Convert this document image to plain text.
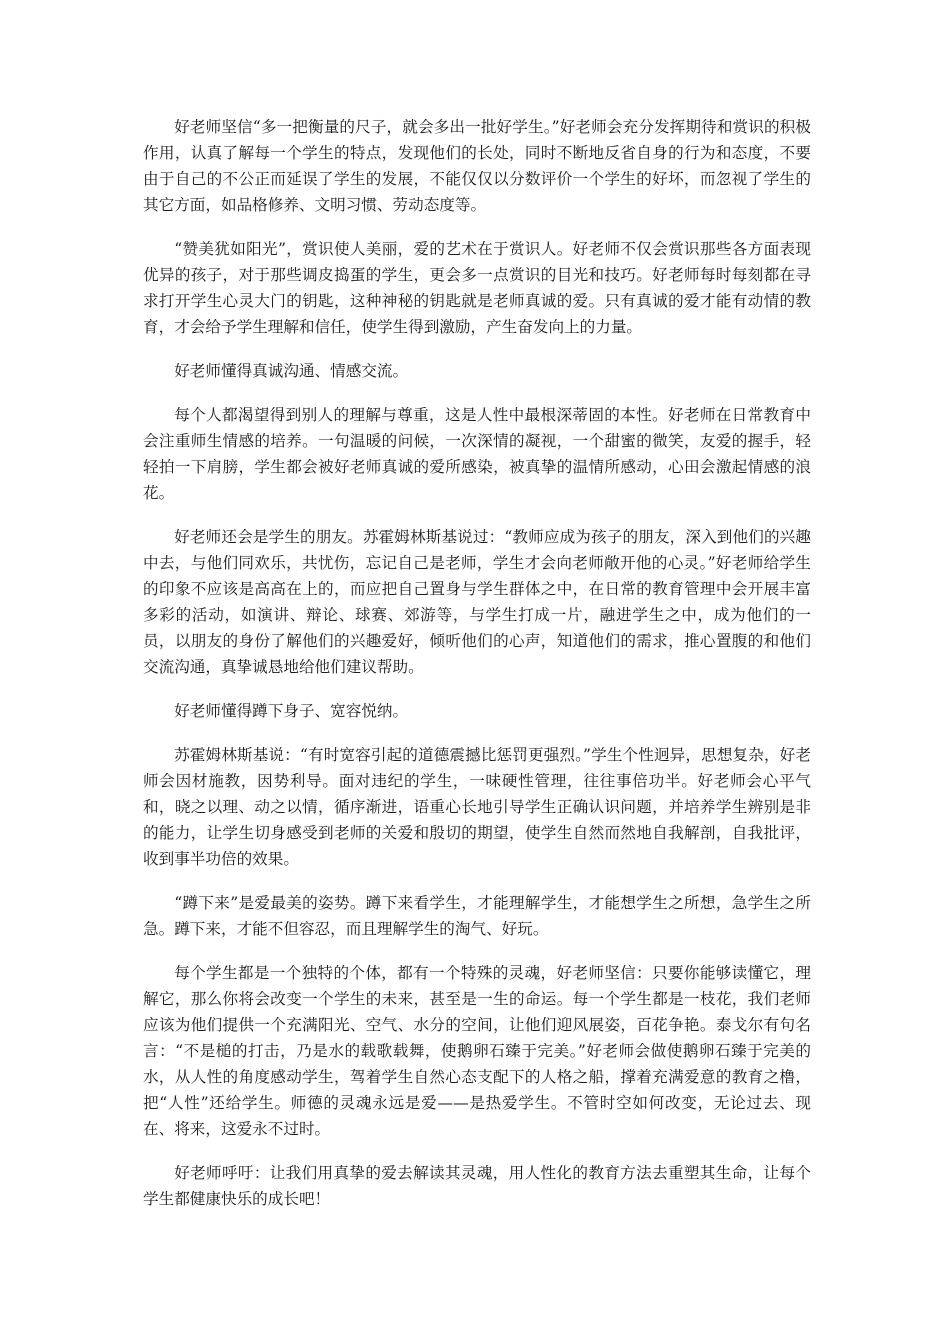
好老师坚信“多一把衡量的尺子，就会多出一批好学生。”好老师会充分发挥期待和赏识的积极作用，认真了解每一个学生的特点，发现他们的长处，同时不断地反省自身的行为和态度，不要由于自己的不公正而延误了学生的发展，不能仅仅以分数评价一个学生的好坏，而忽视了学生的其它方面，如品格修养、文明习惯、劳动态度等。

“赞美犹如阳光”，赏识使人美丽，爱的艺术在于赏识人。好老师不仅会赏识那些各方面表现优异的孩子，对于那些调皮捣蛋的学生，更会多一点赏识的目光和技巧。好老师每时每刻都在寻求打开学生心灵大门的钥匙，这种神秘的钥匙就是老师真诚的爱。只有真诚的爱才能有动情的教育，才会给予学生理解和信任，使学生得到激励，产生奋发向上的力量。

好老师懂得真诚沟通、情感交流。

每个人都渴望得到别人的理解与尊重，这是人性中最根深蒂固的本性。好老师在日常教育中会注重师生情感的培养。一句温暖的问候，一次深情的凝视，一个甜蜜的微笑，友爱的握手，轻轻拍一下肩膀，学生都会被好老师真诚的爱所感染，被真挚的温情所感动，心田会激起情感的浪花。

好老师还会是学生的朋友。苏霍姆林斯基说过：“教师应成为孩子的朋友，深入到他们的兴趣中去，与他们同欢乐，共忧伤，忘记自己是老师，学生才会向老师敞开他的心灵。”好老师给学生的印象不应该是高高在上的，而应把自己置身与学生群体之中，在日常的教育管理中会开展丰富多彩的活动，如演讲、辩论、球赛、郊游等，与学生打成一片，融进学生之中，成为他们的一员，以朋友的身份了解他们的兴趣爱好，倾听他们的心声，知道他们的需求，推心置腹的和他们交流沟通，真挚诚恳地给他们建议帮助。

好老师懂得蹲下身子、宽容悦纳。

苏霍姆林斯基说：“有时宽容引起的道德震撼比惩罚更强烈。”学生个性迥异，思想复杂，好老师会因材施教，因势利导。面对违纪的学生，一味硬性管理，往往事倍功半。好老师会心平气和，晓之以理、动之以情，循序渐进，语重心长地引导学生正确认识问题，并培养学生辨别是非的能力，让学生切身感受到老师的关爱和殷切的期望，使学生自然而然地自我解剖，自我批评，收到事半功倍的效果。

“蹲下来”是爱最美的姿势。蹲下来看学生，才能理解学生，才能想学生之所想，急学生之所急。蹲下来，才能不但容忍，而且理解学生的淘气、好玩。

每个学生都是一个独特的个体，都有一个特殊的灵魂，好老师坚信：只要你能够读懂它，理解它，那么你将会改变一个学生的未来，甚至是一生的命运。每一个学生都是一枝花，我们老师应该为他们提供一个充满阳光、空气、水分的空间，让他们迎风展姿，百花争艳。泰戈尔有句名言：“不是槌的打击，乃是水的载歌载舞，使鹅卵石臻于完美。”好老师会做使鹅卵石臻于完美的水，从人性的角度感动学生，驾着学生自然心态支配下的人格之船，撑着充满爱意的教育之橹，把“人性”还给学生。师德的灵魂永远是爱——是热爱学生。不管时空如何改变，无论过去、现在、将来，这爱永不过时。

好老师呼吁：让我们用真挚的爱去解读其灵魂，用人性化的教育方法去重塑其生命，让每个学生都健康快乐的成长吧！
